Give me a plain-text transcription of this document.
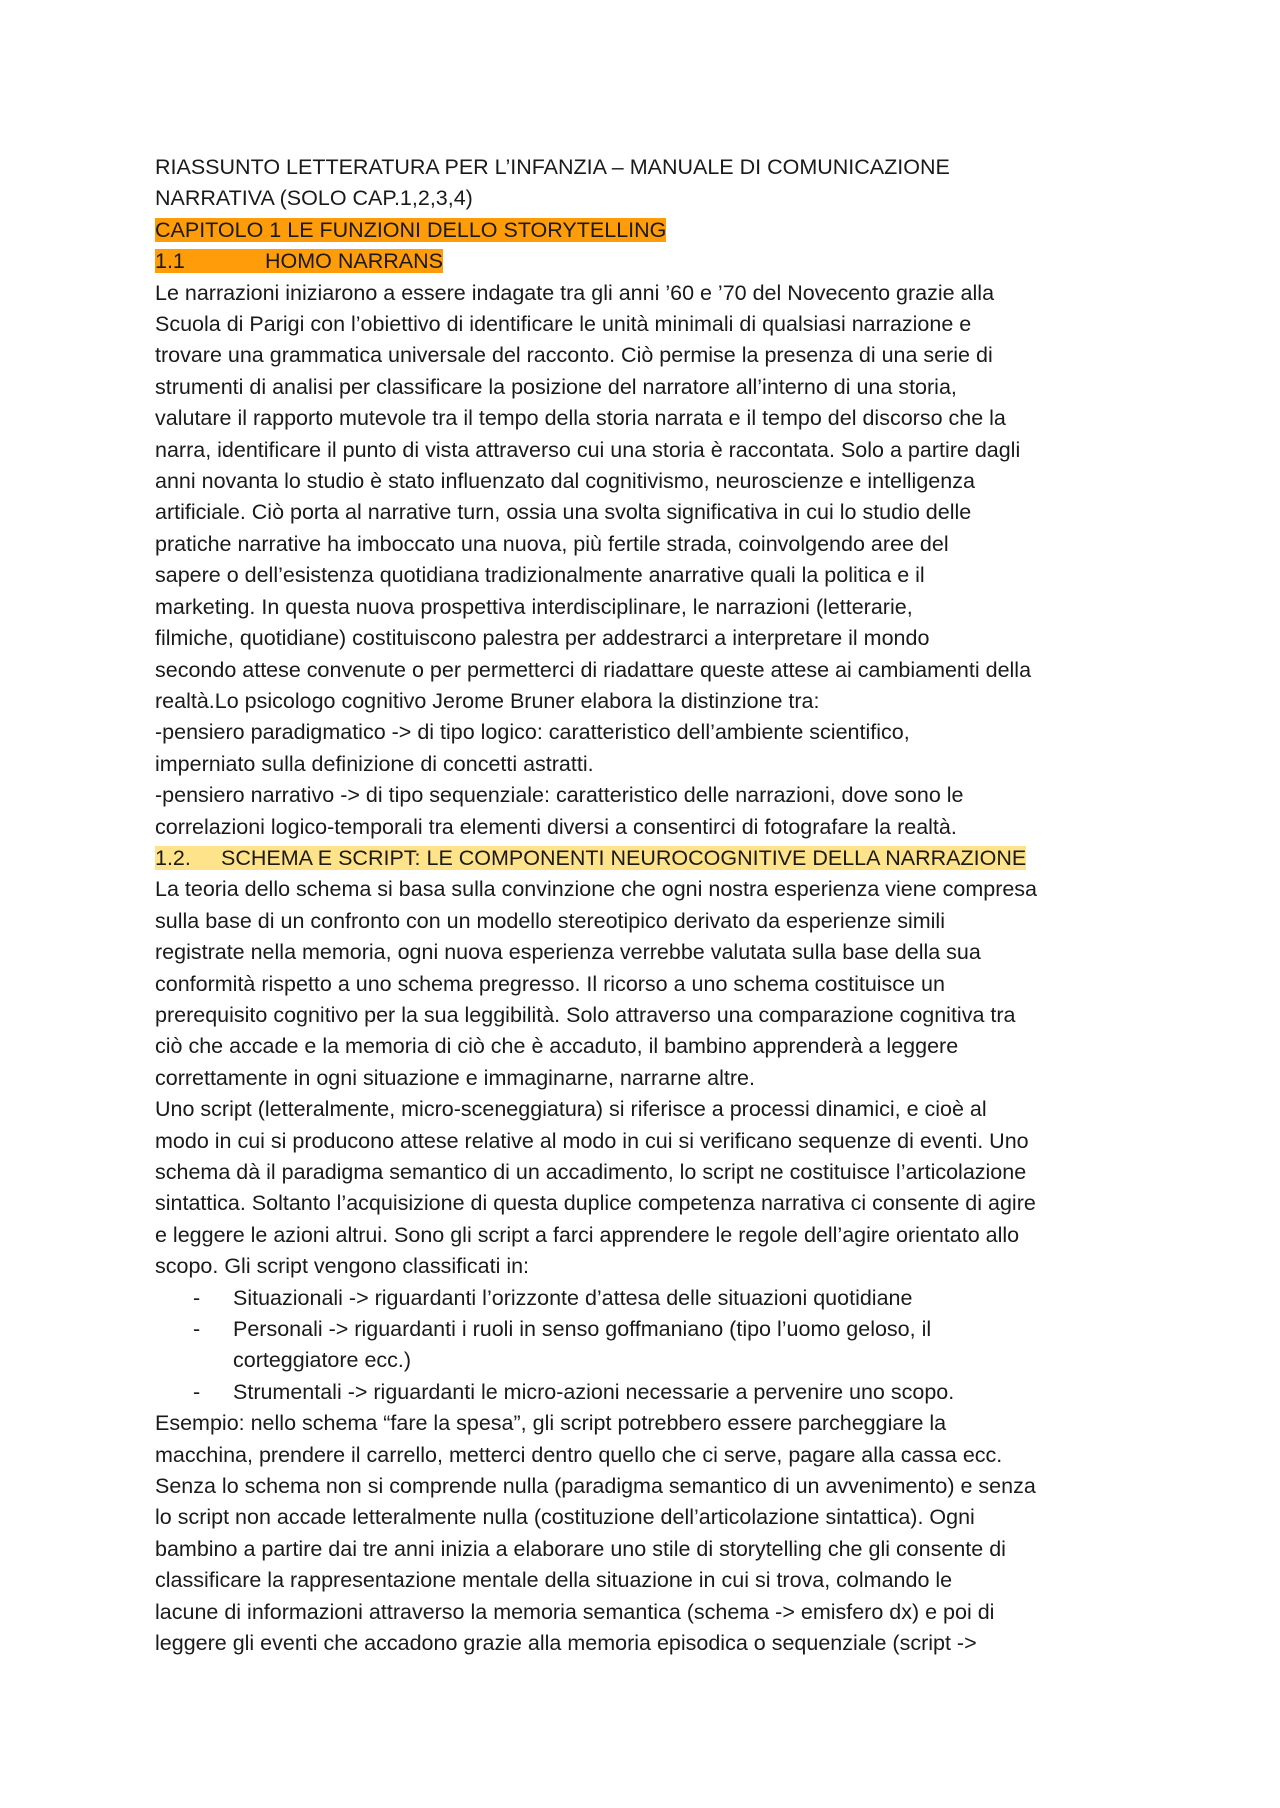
RIASSUNTO LETTERATURA PER L’INFANZIA – MANUALE DI COMUNICAZIONE
NARRATIVA (SOLO CAP.1,2,3,4)
CAPITOLO 1 LE FUNZIONI DELLO STORYTELLING
1.1	HOMO NARRANS
Le narrazioni iniziarono a essere indagate tra gli anni ’60 e ’70 del Novecento grazie alla
Scuola di Parigi con l’obiettivo di identificare le unità minimali di qualsiasi narrazione e
trovare una grammatica universale del racconto. Ciò permise la presenza di una serie di
strumenti di analisi per classificare la posizione del narratore all’interno di una storia,
valutare il rapporto mutevole tra il tempo della storia narrata e il tempo del discorso che la
narra, identificare il punto di vista attraverso cui una storia è raccontata. Solo a partire dagli
anni novanta lo studio è stato influenzato dal cognitivismo, neuroscienze e intelligenza
artificiale. Ciò porta al narrative turn, ossia una svolta significativa in cui lo studio delle
pratiche narrative ha imboccato una nuova, più fertile strada, coinvolgendo aree del
sapere o dell’esistenza quotidiana tradizionalmente anarrative quali la politica e il
marketing. In questa nuova prospettiva interdisciplinare, le narrazioni (letterarie,
filmiche, quotidiane) costituiscono palestra per addestrarci a interpretare il mondo
secondo attese convenute o per permetterci di riadattare queste attese ai cambiamenti della
realtà.Lo psicologo cognitivo Jerome Bruner elabora la distinzione tra:
-pensiero paradigmatico -> di tipo logico: caratteristico dell’ambiente scientifico,
imperniato sulla definizione di concetti astratti.
-pensiero narrativo -> di tipo sequenziale: caratteristico delle narrazioni, dove sono le
correlazioni logico-temporali tra elementi diversi a consentirci di fotografare la realtà.
1.2. SCHEMA E SCRIPT: LE COMPONENTI NEUROCOGNITIVE DELLA NARRAZIONE
La teoria dello schema si basa sulla convinzione che ogni nostra esperienza viene compresa
sulla base di un confronto con un modello stereotipico derivato da esperienze simili
registrate nella memoria, ogni nuova esperienza verrebbe valutata sulla base della sua
conformità rispetto a uno schema pregresso. Il ricorso a uno schema costituisce un
prerequisito cognitivo per la sua leggibilità. Solo attraverso una comparazione cognitiva tra
ciò che accade e la memoria di ciò che è accaduto, il bambino apprenderà a leggere
correttamente in ogni situazione e immaginarne, narrarne altre.
Uno script (letteralmente, micro-sceneggiatura) si riferisce a processi dinamici, e cioè al
modo in cui si producono attese relative al modo in cui si verificano sequenze di eventi. Uno
schema dà il paradigma semantico di un accadimento, lo script ne costituisce l’articolazione
sintattica. Soltanto l’acquisizione di questa duplice competenza narrativa ci consente di agire
e leggere le azioni altrui. Sono gli script a farci apprendere le regole dell’agire orientato allo
scopo. Gli script vengono classificati in:
- Situazionali -> riguardanti l’orizzonte d’attesa delle situazioni quotidiane
- Personali -> riguardanti i ruoli in senso goffmaniano (tipo l’uomo geloso, il
corteggiatore ecc.)
- Strumentali -> riguardanti le micro-azioni necessarie a pervenire uno scopo.
Esempio: nello schema “fare la spesa”, gli script potrebbero essere parcheggiare la
macchina, prendere il carrello, metterci dentro quello che ci serve, pagare alla cassa ecc.
Senza lo schema non si comprende nulla (paradigma semantico di un avvenimento) e senza
lo script non accade letteralmente nulla (costituzione dell’articolazione sintattica). Ogni
bambino a partire dai tre anni inizia a elaborare uno stile di storytelling che gli consente di
classificare la rappresentazione mentale della situazione in cui si trova, colmando le
lacune di informazioni attraverso la memoria semantica (schema -> emisfero dx) e poi di
leggere gli eventi che accadono grazie alla memoria episodica o sequenziale (script ->
